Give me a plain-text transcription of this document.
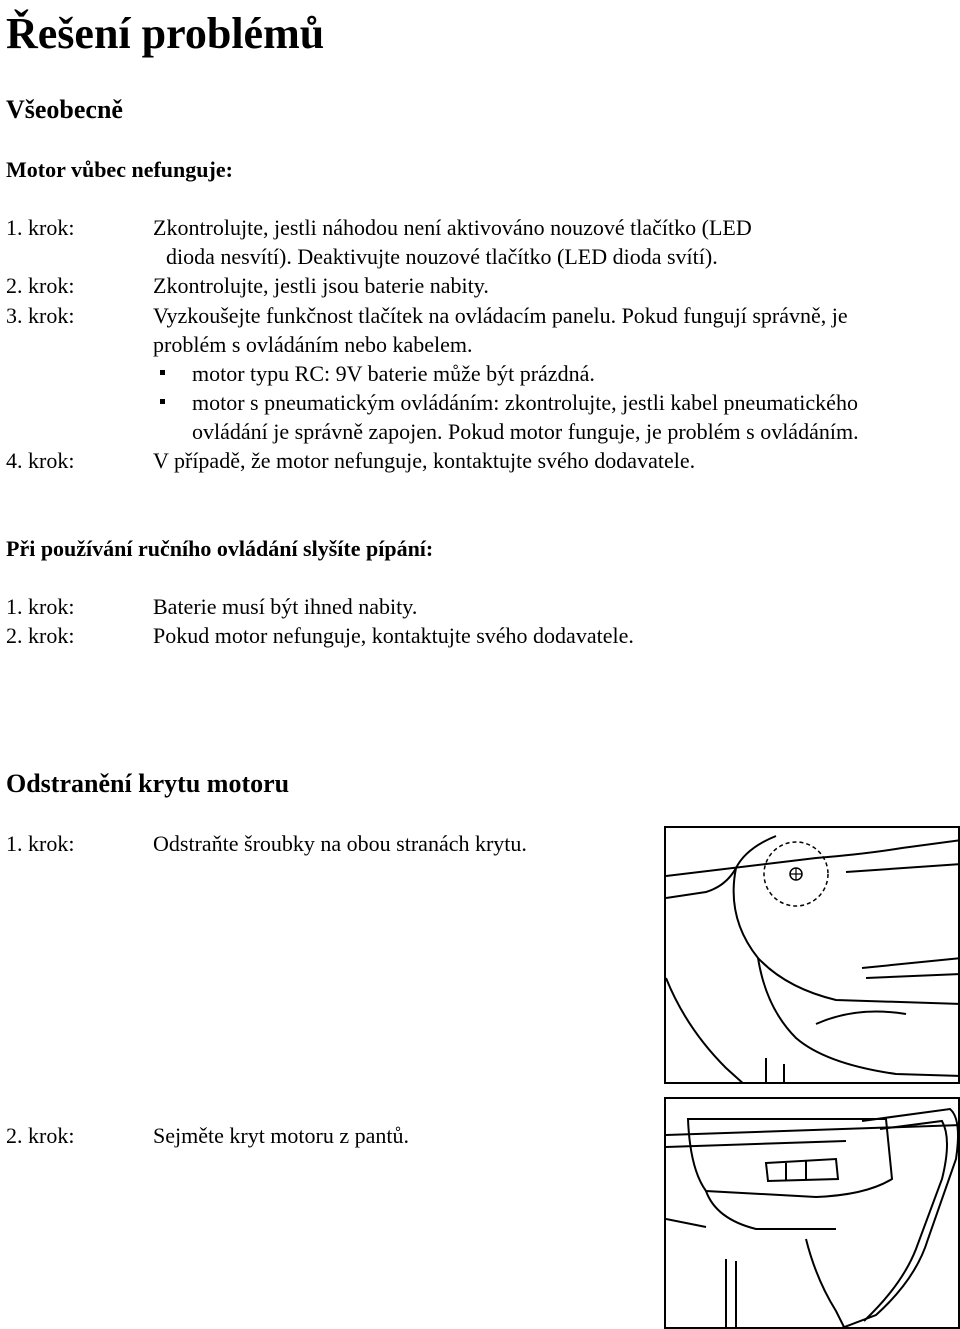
Řešení problémů
Všeobecně
Motor vůbec nefunguje:
1. krok:	Zkontrolujte, jestli náhodou není aktivováno nouzové tlačítko (LED
dioda nesvítí). Deaktivujte nouzové tlačítko (LED dioda svítí).
2. krok:	Zkontrolujte, jestli jsou baterie nabity.
3. krok:	Vyzkoušejte funkčnost tlačítek na ovládacím panelu. Pokud fungují správně, je
problém s ovládáním nebo kabelem.
motor typu RC: 9V baterie může být prázdná.
motor s pneumatickým ovládáním: zkontrolujte, jestli kabel pneumatického
ovládání je správně zapojen. Pokud motor funguje, je problém s ovládáním.
4. krok:	V případě, že motor nefunguje, kontaktujte svého dodavatele.
Při používání ručního ovládání slyšíte pípání:
1. krok:	Baterie musí být ihned nabity.
2. krok:	Pokud motor nefunguje, kontaktujte svého dodavatele.
Odstranění krytu motoru
1. krok:	Odstraňte šroubky na obou stranách krytu.
2. krok:	Sejměte kryt motoru z pantů.
